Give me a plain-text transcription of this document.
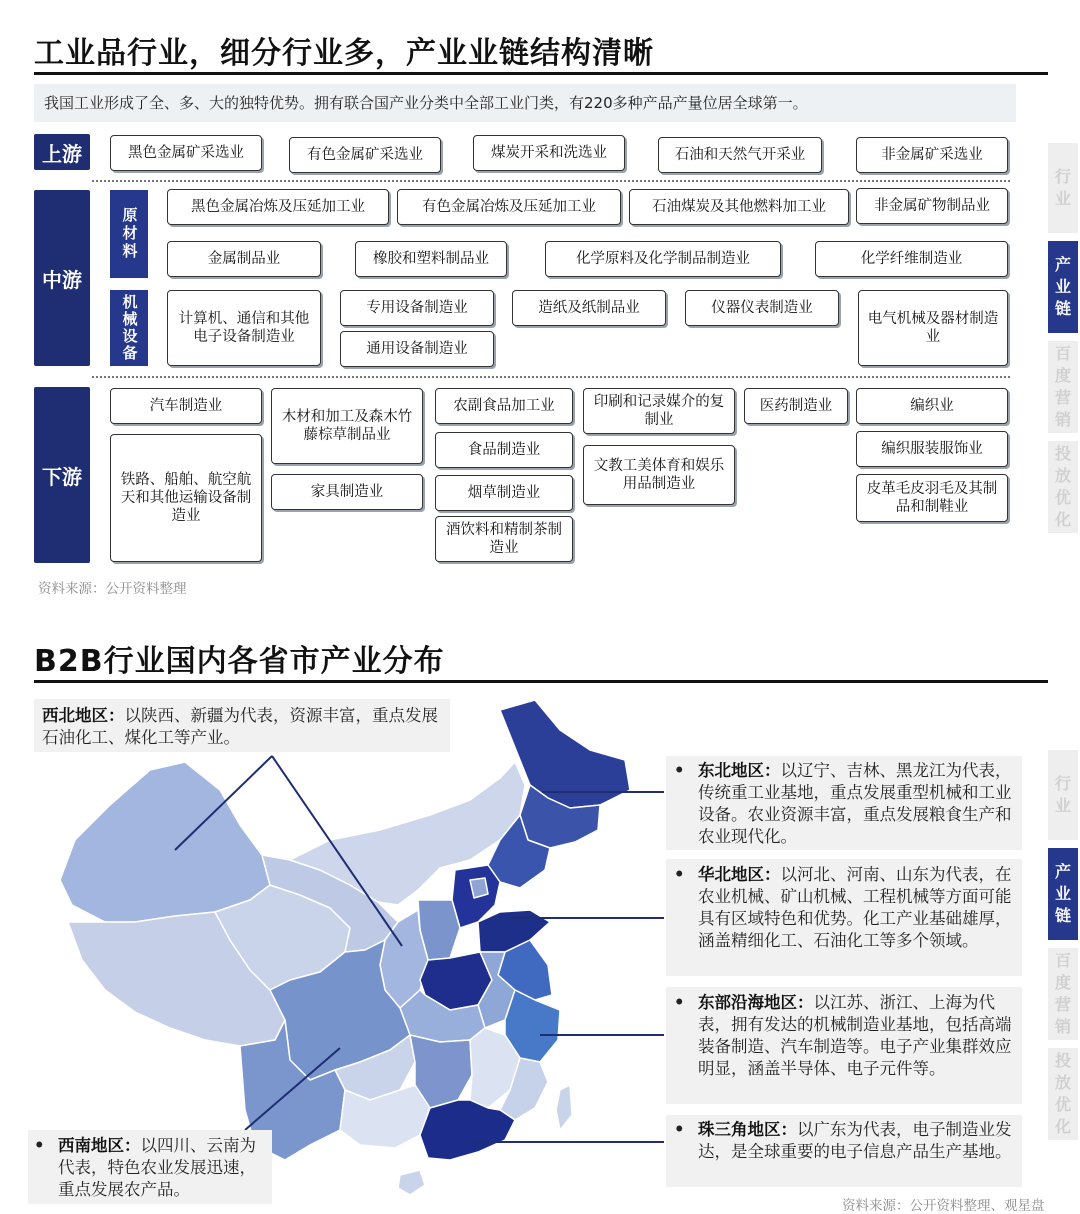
工业品行业，细分行业多，产业业链结构清晰
我国工业形成了全、多、大的独特优势。拥有联合国产业分类中全部工业门类，有220多种产品产量位居全球第一。
上游	黑色金属矿采选业	有色金属矿采选业	煤炭开采和洗选业	石油和天然气开采业	非金属矿采选业
中游
原材料
机械设备
黑色金属冶炼及压延加工业	有色金属冶炼及压延加工业	石油煤炭及其他燃料加工业	非金属矿物制品业
金属制品业	橡胶和塑料制品业	化学原料及化学制品制造业	化学纤维制造业
计算机、通信和其他电子设备制造业
专用设备制造业
通用设备制造业
造纸及纸制品业	仪器仪表制造业
电气机械及器材制造业
下游
汽车制造业
铁路、船舶、航空航天和其他运输设备制造业
木材和加工及森木竹藤棕草制品业
家具制造业
农副食品加工业
食品制造业
烟草制造业
酒饮料和精制茶制造业
印刷和记录媒介的复制业
文教工美体育和娱乐用品制造业
医药制造业	编织业
编织服装服饰业
皮革毛皮羽毛及其制品和制鞋业
资料来源：公开资料整理
B2B行业国内各省市产业分布
西北地区：以陕西、新疆为代表，资源丰富，重点发展石油化工、煤化工等产业。
• 东北地区：以辽宁、吉林、黑龙江为代表，传统重工业基地，重点发展重型机械和工业设备。农业资源丰富，重点发展粮食生产和农业现代化。
• 华北地区：以河北、河南、山东为代表，在农业机械、矿山机械、工程机械等方面可能具有区域特色和优势。化工产业基础雄厚，涵盖精细化工、石油化工等多个领域。
• 东部沿海地区：以江苏、浙江、上海为代表，拥有发达的机械制造业基地，包括高端装备制造、汽车制造等。电子产业集群效应明显，涵盖半导体、电子元件等。
• 珠三角地区：以广东为代表，电子制造业发达，是全球重要的电子信息产品生产基地。
• 西南地区：以四川、云南为代表，特色农业发展迅速，重点发展农产品。
资料来源：公开资料整理、观星盘
行业
产业链
百度营销
投放优化
行业
产业链
百度营销
投放优化
